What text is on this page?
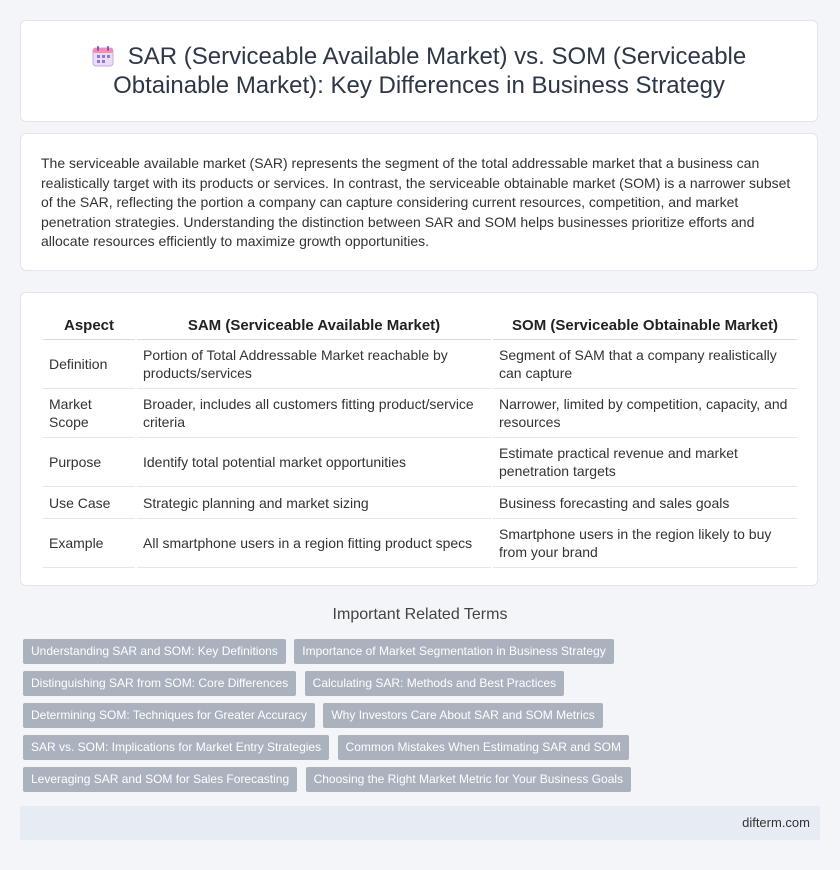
SAR (Serviceable Available Market) vs. SOM (Serviceable Obtainable Market): Key Differences in Business Strategy

The serviceable available market (SAR) represents the segment of the total addressable market that a business can realistically target with its products or services. In contrast, the serviceable obtainable market (SOM) is a narrower subset of the SAR, reflecting the portion a company can capture considering current resources, competition, and market penetration strategies. Understanding the distinction between SAR and SOM helps businesses prioritize efforts and allocate resources efficiently to maximize growth opportunities.

Aspect	SAM (Serviceable Available Market)	SOM (Serviceable Obtainable Market)
Definition	Portion of Total Addressable Market reachable by products/services	Segment of SAM that a company realistically can capture
Market Scope	Broader, includes all customers fitting product/service criteria	Narrower, limited by competition, capacity, and resources
Purpose	Identify total potential market opportunities	Estimate practical revenue and market penetration targets
Use Case	Strategic planning and market sizing	Business forecasting and sales goals
Example	All smartphone users in a region fitting product specs	Smartphone users in the region likely to buy from your brand
Important Related Terms
Understanding SAR and SOM: Key Definitions Importance of Market Segmentation in Business Strategy
Distinguishing SAR from SOM: Core Differences Calculating SAR: Methods and Best Practices
Determining SOM: Techniques for Greater Accuracy Why Investors Care About SAR and SOM Metrics
SAR vs. SOM: Implications for Market Entry Strategies Common Mistakes When Estimating SAR and SOM
Leveraging SAR and SOM for Sales Forecasting Choosing the Right Market Metric for Your Business Goals
difterm.com
